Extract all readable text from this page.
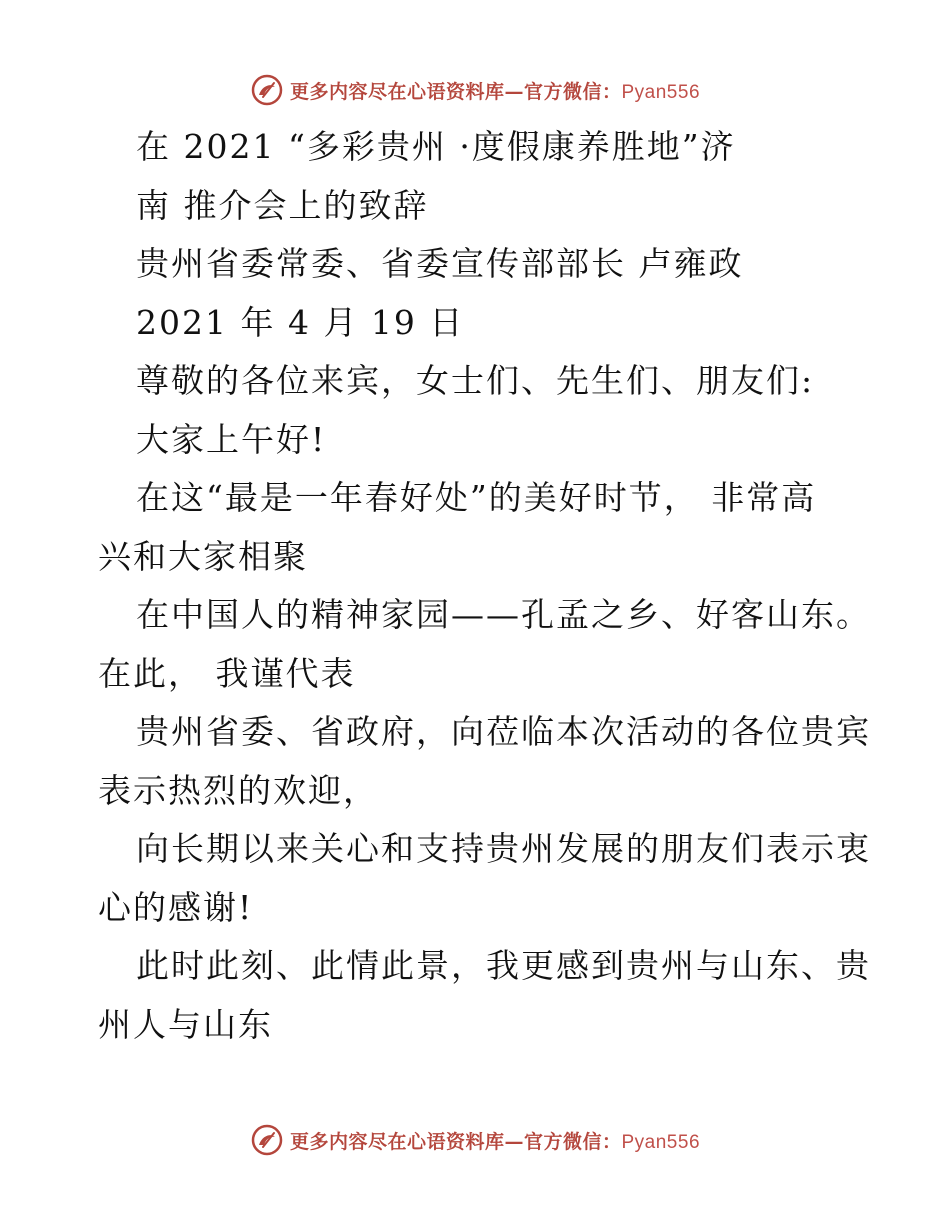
更多内容尽在心语资料库—官方微信：Pyan556
在 2021 “多彩贵州 ·度假康养胜地”济
南 推介会上的致辞
贵州省委常委、省委宣传部部长 卢雍政
2021 年 4 月 19 日
尊敬的各位来宾，女士们、先生们、朋友们:
大家上午好!
在这“最是一年春好处”的美好时节， 非常高
兴和大家相聚
在中国人的精神家园——孔孟之乡、好客山东。
在此， 我谨代表
贵州省委、省政府，向莅临本次活动的各位贵宾
表示热烈的欢迎，
向长期以来关心和支持贵州发展的朋友们表示衷
心的感谢!
此时此刻、此情此景，我更感到贵州与山东、贵
州人与山东
更多内容尽在心语资料库—官方微信：Pyan556
